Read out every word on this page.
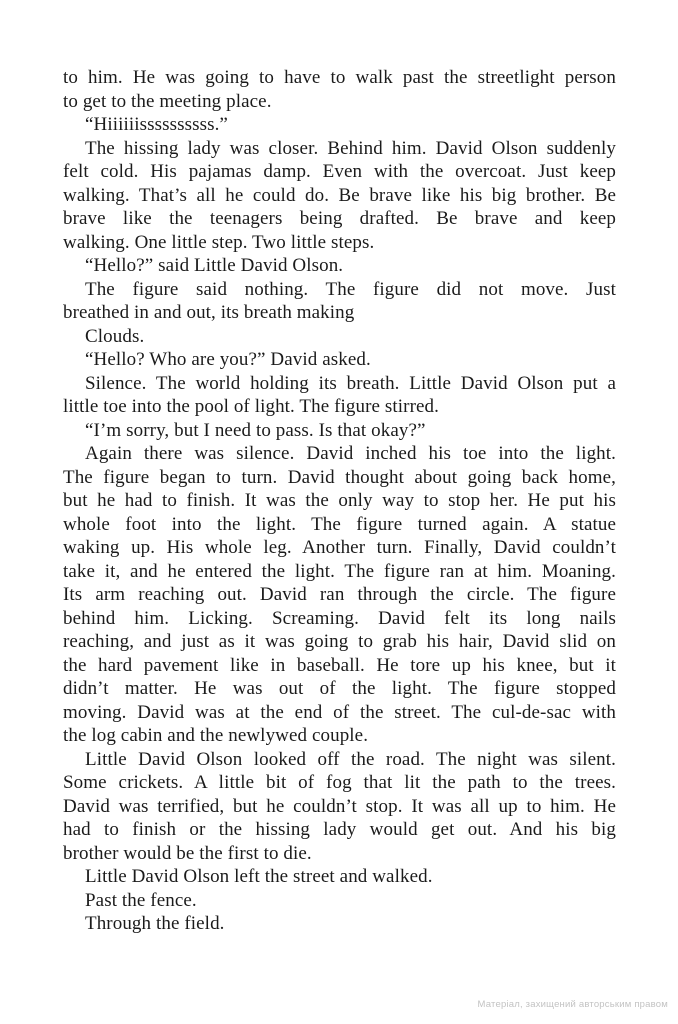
to him. He was going to have to walk past the streetlight person
to get to the meeting place.
“Hiiiiiissssssssss.”
The hissing lady was closer. Behind him. David Olson suddenly
felt cold. His pajamas damp. Even with the overcoat. Just keep
walking. That’s all he could do. Be brave like his big brother. Be
brave like the teenagers being drafted. Be brave and keep
walking. One little step. Two little steps.
“Hello?” said Little David Olson.
The figure said nothing. The figure did not move. Just
breathed in and out, its breath making
Clouds.
“Hello? Who are you?” David asked.
Silence. The world holding its breath. Little David Olson put a
little toe into the pool of light. The figure stirred.
“I’m sorry, but I need to pass. Is that okay?”
Again there was silence. David inched his toe into the light.
The figure began to turn. David thought about going back home,
but he had to finish. It was the only way to stop her. He put his
whole foot into the light. The figure turned again. A statue
waking up. His whole leg. Another turn. Finally, David couldn’t
take it, and he entered the light. The figure ran at him. Moaning.
Its arm reaching out. David ran through the circle. The figure
behind him. Licking. Screaming. David felt its long nails
reaching, and just as it was going to grab his hair, David slid on
the hard pavement like in baseball. He tore up his knee, but it
didn’t matter. He was out of the light. The figure stopped
moving. David was at the end of the street. The cul-de-sac with
the log cabin and the newlywed couple.
Little David Olson looked off the road. The night was silent.
Some crickets. A little bit of fog that lit the path to the trees.
David was terrified, but he couldn’t stop. It was all up to him. He
had to finish or the hissing lady would get out. And his big
brother would be the first to die.
Little David Olson left the street and walked.
Past the fence.
Through the field.
Матеріал, захищений авторським правом
